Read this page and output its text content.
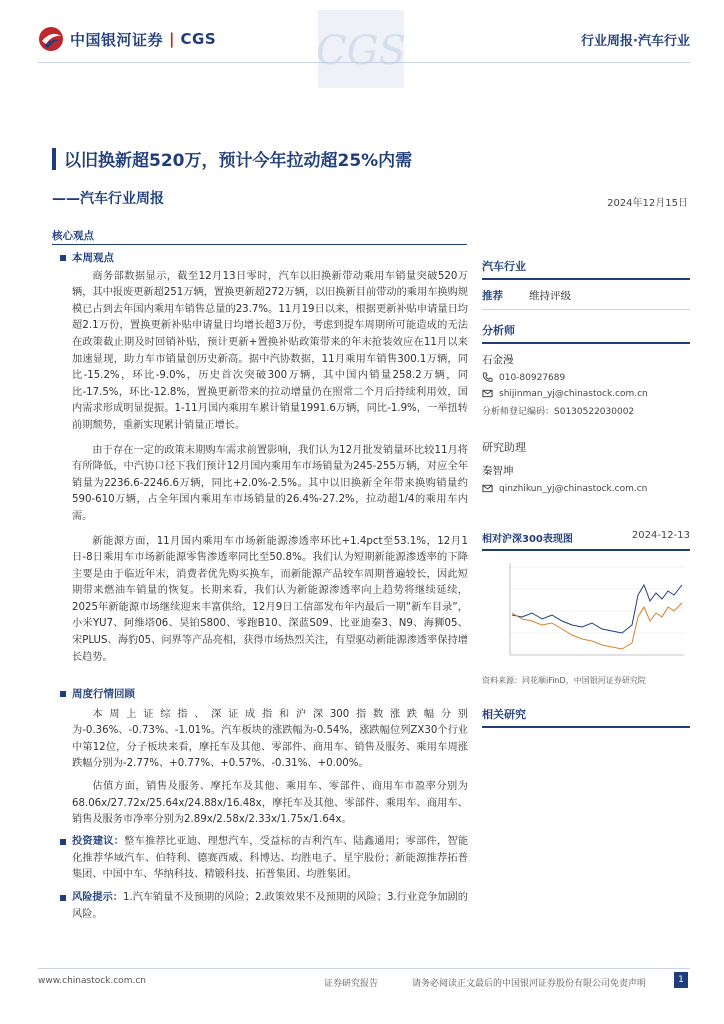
中国银河证券 | CGS CGS	行业周报·汽车行业
以旧换新超520万，预计今年拉动超25%内需
——汽车行业周报	2024年12月15日
核心观点
本周观点

商务部数据显示，截至12月13日零时，汽车以旧换新带动乘用车销量突破520万辆，其中报废更新超251万辆，置换更新超272万辆，以旧换新目前带动的乘用车换购规模已占到去年国内乘用车销售总量的23.7%。11月19日以来，根据更新补贴申请量日均超2.1万份，置换更新补贴申请量日均增长超3万份，考虑到提车周期所可能造成的无法在政策截止期及时回销补贴，预计更新+置换补贴政策带来的年末抢装效应在11月以来加速显现，助力车市销量创历史新高。据中汽协数据，11月乘用车销售300.1万辆，同比-15.2%，环比-9.0%，历史首次突破300万辆，其中国内销量258.2万辆，同比-17.5%，环比-12.8%，置换更新带来的拉动增量仍在照常二个月后持续利用效，国内需求形成明显提振。1-11月国内乘用车累计销量1991.6万辆，同比-1.9%，一举扭转前期颓势，重新实现累计销量正增长。

由于存在一定的政策末期购车需求前置影响，我们认为12月批发销量环比较11月将有所降低，中汽协口径下我们预计12月国内乘用车市场销量为245-255万辆，对应全年销量为2236.6-2246.6万辆，同比+2.0%-2.5%。其中以旧换新全年带来换购销量约590-610万辆，占全年国内乘用车市场销量的26.4%-27.2%，拉动超1/4的乘用车内需。

新能源方面，11月国内乘用车市场新能源渗透率环比+1.4pct至53.1%，12月1日-8日乘用车市场新能源零售渗透率同比至50.8%。我们认为短期新能源渗透率的下降主要是由于临近年末，消费者优先购买换车，而新能源产品较车周期普遍较长，因此短期带来燃油车销量的恢复。长期来看，我们认为新能源渗透率向上趋势将继续延续，2025年新能源市场继续迎来丰富供给，12月9日工信部发布年内最后一期“新车目录”，小米YU7、阿维塔06、昊铂S800、零跑B10、深蓝S09、比亚迪秦3、N9、海狮05、宋PLUS、海豹05、问界等产品亮相，获得市场热烈关注，有望驱动新能源渗透率保持增长趋势。

周度行情回顾

本周上证综指、深证成指和沪深300指数涨跌幅分别为-0.36%、-0.73%、-1.01%。汽车板块的涨跌幅为-0.54%，涨跌幅位列ZX30个行业中第12位，分子板块来看，摩托车及其他、零部件、商用车、销售及服务、乘用车周涨跌幅分别为-2.77%、+0.77%、+0.57%、-0.31%、+0.00%。

估值方面，销售及服务、摩托车及其他、乘用车、零部件、商用车市盈率分别为68.06x/27.72x/25.64x/24.88x/16.48x，摩托车及其他、零部件、乘用车、商用车、销售及服务市净率分别为2.89x/2.58x/2.33x/1.75x/1.64x。

投资建议：整车推荐比亚迪、理想汽车，受益标的吉利汽车、陆鑫通用；零部件，智能化推荐华域汽车、伯特利、德赛西威、科博达、均胜电子、星宇股份；新能源推荐拓普集团、中国中车、华纳科技、精锻科技、拓普集团、均胜集团。

风险提示：1.汽车销量不及预期的风险；2.政策效果不及预期的风险；3.行业竞争加剧的风险。

汽车行业
推荐 维持评级
分析师
石金漫
010-80927689
shijinman_yj@chinastock.com.cn
分析师登记编码：S0130522030002
研究助理
秦智坤
qinzhikun_yj@chinastock.com.cn
相对沪深300表现图	2024-12-13

资料来源：同花顺iFinD，中国银河证券研究院
相关研究
www.chinastock.com.cn	证券研究报告	请务必阅读正文最后的中国银河证券股份有限公司免责声明	1
